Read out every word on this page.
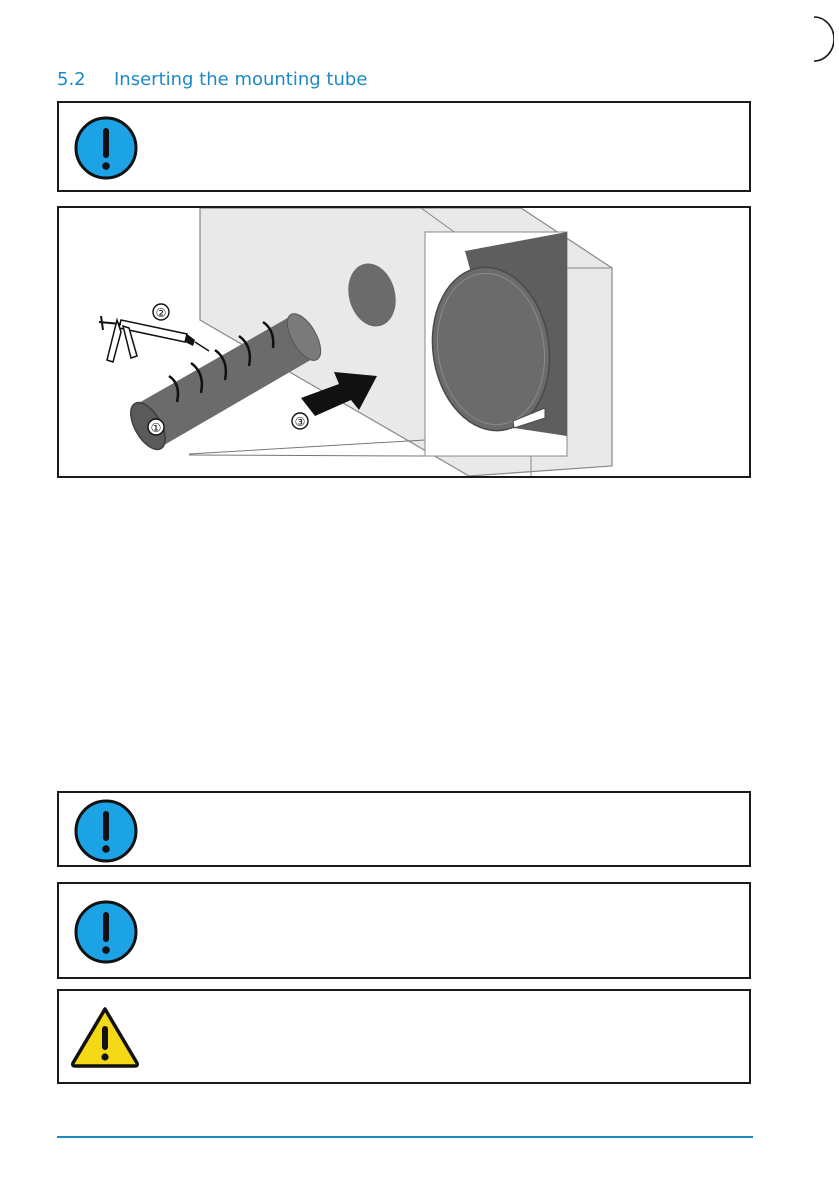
5.2 Inserting the mounting tube
①
②
③
